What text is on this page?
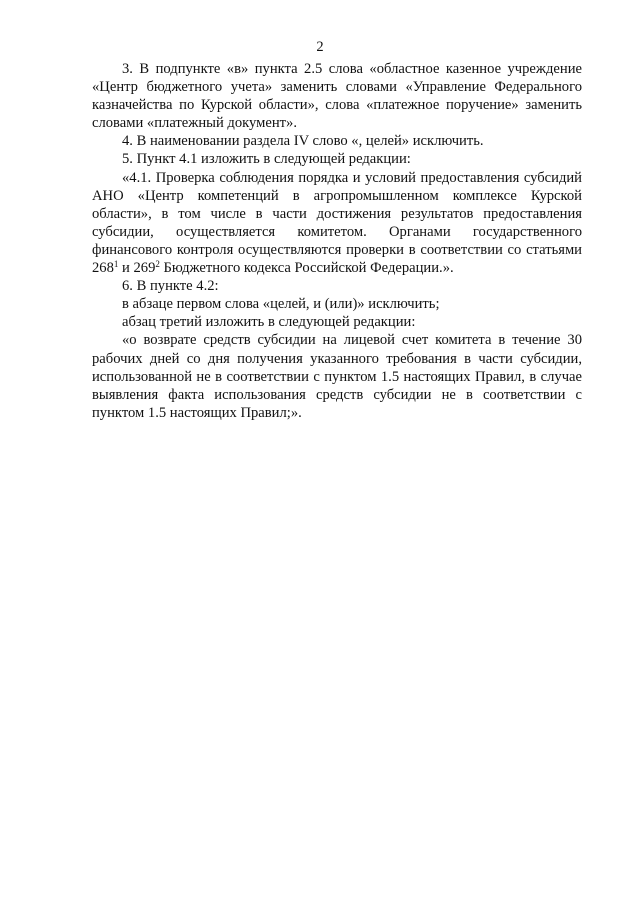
2

3. В подпункте «в» пункта 2.5 слова «областное казенное учреждение «Центр бюджетного учета» заменить словами «Управление Федерального казначейства по Курской области», слова «платежное поручение» заменить словами «платежный документ».

4. В наименовании раздела IV слово «, целей» исключить.

5. Пункт 4.1 изложить в следующей редакции:

«4.1. Проверка соблюдения порядка и условий предоставления субсидий АНО «Центр компетенций в агропромышленном комплексе Курской области», в том числе в части достижения результатов предоставления субсидии, осуществляется комитетом. Органами государственного финансового контроля осуществляются проверки в соответствии со статьями $268^1$ и $269^2$ Бюджетного кодекса Российской Федерации.».

6. В пункте 4.2:

в абзаце первом слова «целей, и (или)» исключить;

абзац третий изложить в следующей редакции:

«о возврате средств субсидии на лицевой счет комитета в течение 30 рабочих дней со дня получения указанного требования в части субсидии, использованной не в соответствии с пунктом 1.5 настоящих Правил, в случае выявления факта использования средств субсидии не в соответствии с пунктом 1.5 настоящих Правил;».
